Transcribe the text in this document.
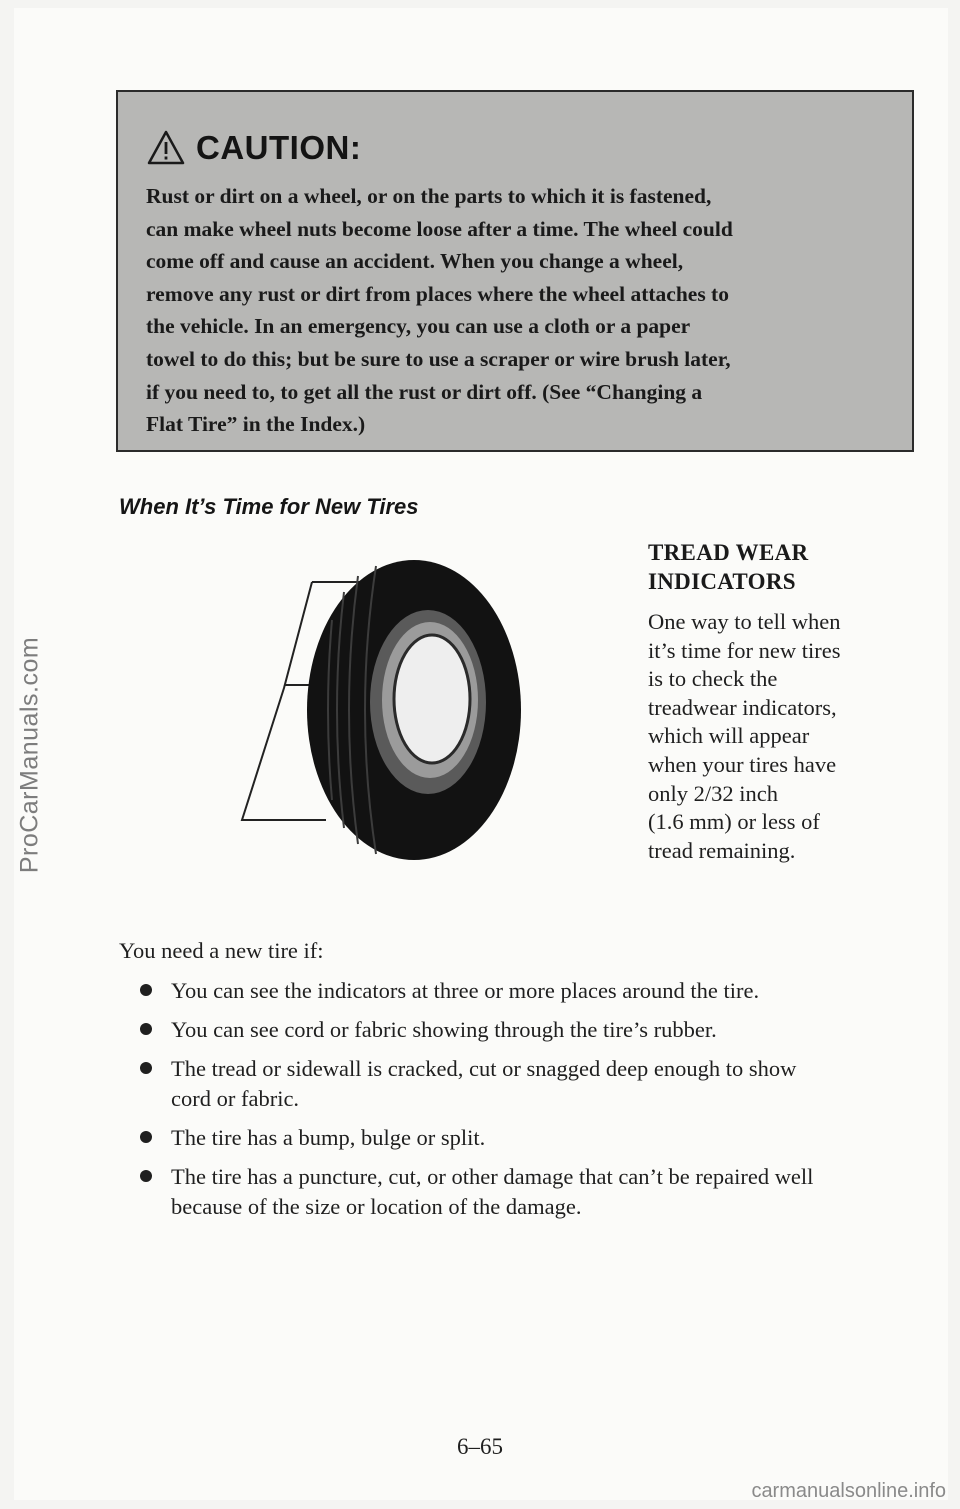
ProCarManuals.com
CAUTION:
Rust or dirt on a wheel, or on the parts to which it is fastened,
can make wheel nuts become loose after a time. The wheel could
come off and cause an accident. When you change a wheel,
remove any rust or dirt from places where the wheel attaches to
the vehicle. In an emergency, you can use a cloth or a paper
towel to do this; but be sure to use a scraper or wire brush later,
if you need to, to get all the rust or dirt off. (See “Changing a
Flat Tire” in the Index.)
When It’s Time for New Tires
TREAD WEAR
INDICATORS
One way to tell when
it’s time for new tires
is to check the
treadwear indicators,
which will appear
when your tires have
only 2/32 inch
(1.6 mm) or less of
tread remaining.
You need a new tire if:
You can see the indicators at three or more places around the tire.
You can see cord or fabric showing through the tire’s rubber.
The tread or sidewall is cracked, cut or snagged deep enough to show
cord or fabric.
The tire has a bump, bulge or split.
The tire has a puncture, cut, or other damage that can’t be repaired well
because of the size or location of the damage.
6–65
carmanualsonline.info
